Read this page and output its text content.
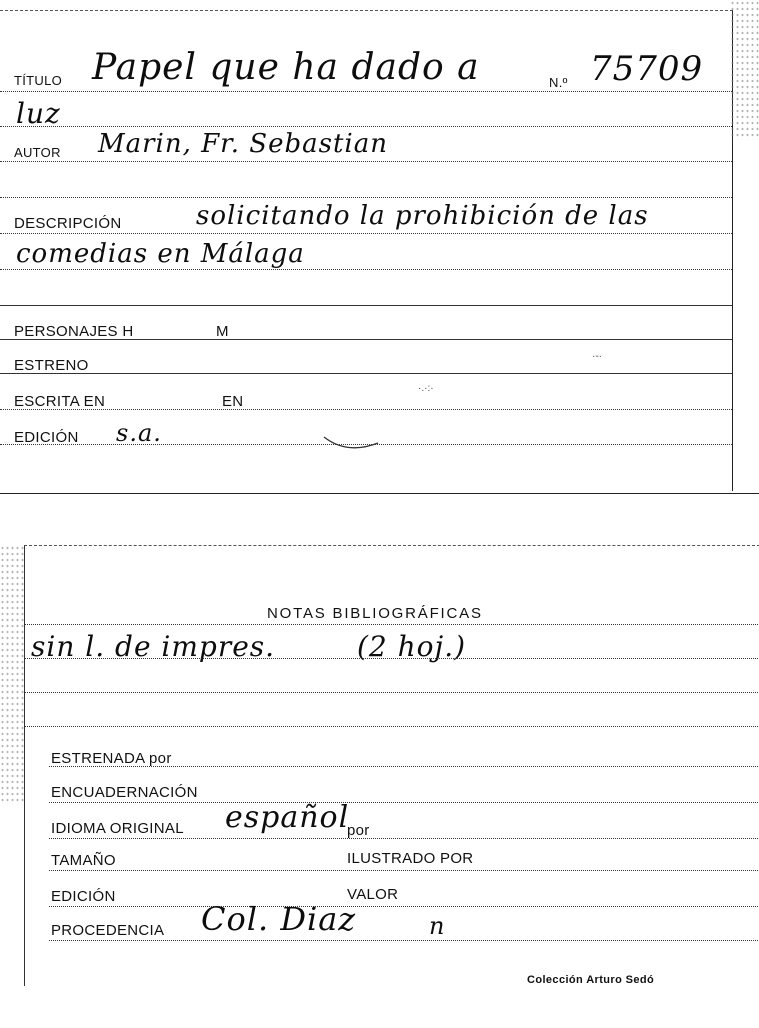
TÍTULO Papel que ha dado a	N.º 75709
luz
AUTOR Marin, Fr. Sebastian
DESCRIPCIÓN	solicitando la prohibición de las
comedias en Málaga
PERSONAJES H	M
ESTRENO
ESCRITA EN	EN
EDICIÓN s.a.
·.·:·
·‐·
NOTAS BIBLIOGRÁFICAS
sin l. de impres.	(2 hoj.)
ESTRENADA por
ENCUADERNACIÓN
IDIOMA ORIGINAL español
por
TAMAÑO	ILUSTRADO POR
EDICIÓN	VALOR
PROCEDENCIA Col. Diaz	n
Colección Arturo Sedó
